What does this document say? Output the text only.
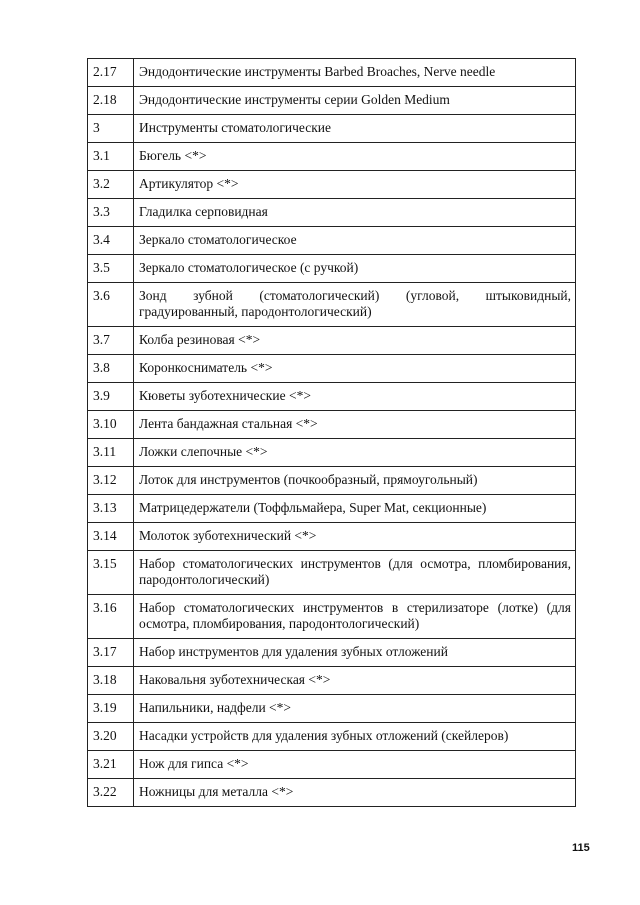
2.17	Эндодонтические инструменты Barbed Broaches, Nerve needle
2.18	Эндодонтические инструменты серии Golden Medium
3	Инструменты стоматологические
3.1	Бюгель <*>
3.2	Артикулятор <*>
3.3	Гладилка серповидная
3.4	Зеркало стоматологическое
3.5	Зеркало стоматологическое (с ручкой)
3.6	Зонд зубной (стоматологический) (угловой, штыковидный, градуированный, пародонтологический)
3.7	Колба резиновая <*>
3.8	Коронкосниматель <*>
3.9	Кюветы зуботехнические <*>
3.10	Лента бандажная стальная <*>
3.11	Ложки слепочные <*>
3.12	Лоток для инструментов (почкообразный, прямоугольный)
3.13	Матрицедержатели (Тоффльмайера, Super Mat, секционные)
3.14	Молоток зуботехнический <*>
3.15	Набор стоматологических инструментов (для осмотра, пломбирования, пародонтологический)
3.16	Набор стоматологических инструментов в стерилизаторе (лотке) (для осмотра, пломбирования, пародонтологический)
3.17	Набор инструментов для удаления зубных отложений
3.18	Наковальня зуботехническая <*>
3.19	Напильники, надфели <*>
3.20	Насадки устройств для удаления зубных отложений (скейлеров)
3.21	Нож для гипса <*>
3.22	Ножницы для металла <*>
115
